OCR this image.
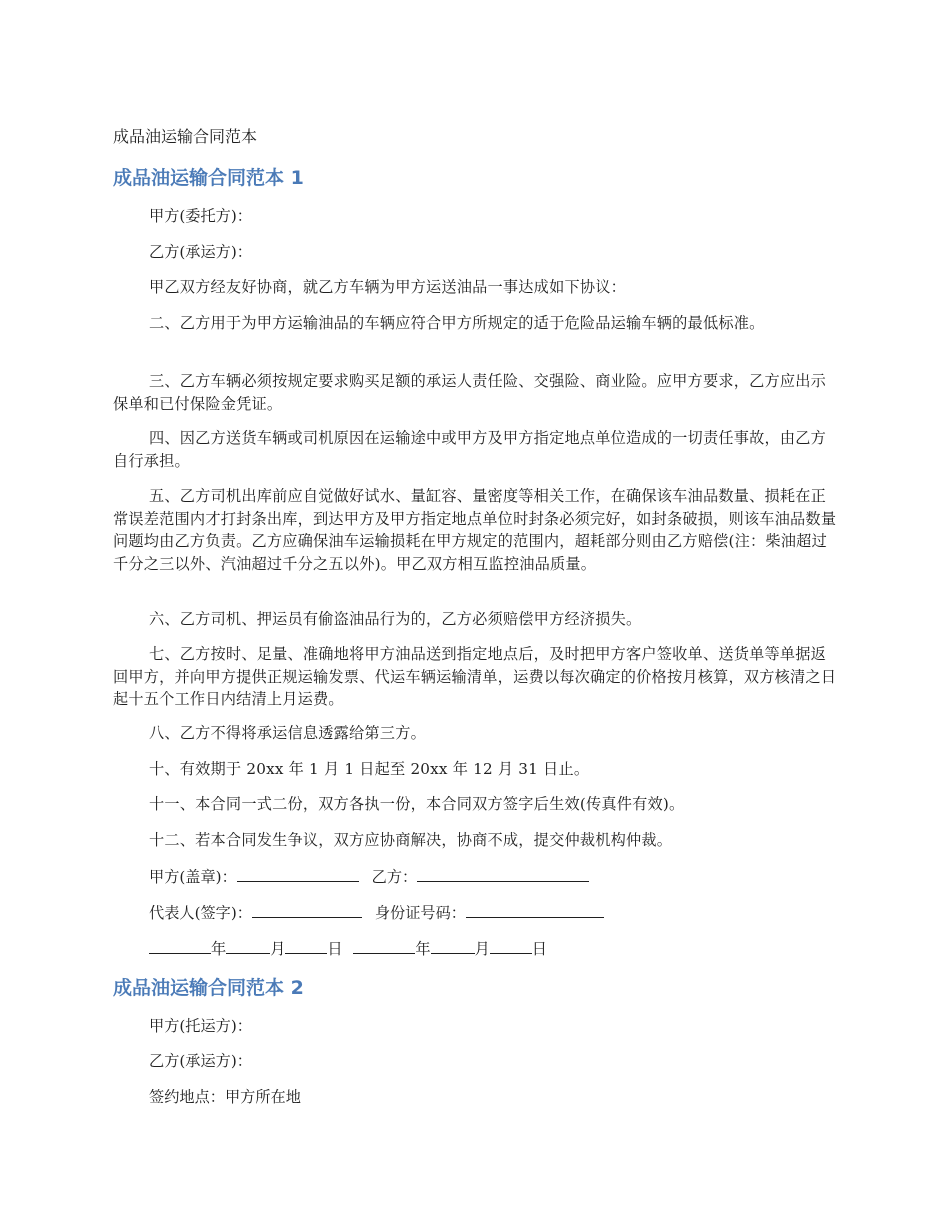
成品油运输合同范本

成品油运输合同范本 1

甲方(委托方)：

乙方(承运方)：

甲乙双方经友好协商，就乙方车辆为甲方运送油品一事达成如下协议：

二、乙方用于为甲方运输油品的车辆应符合甲方所规定的适于危险品运输车辆的最低标准。

三、乙方车辆必须按规定要求购买足额的承运人责任险、交强险、商业险。应甲方要求，乙方应出示保单和已付保险金凭证。

四、因乙方送货车辆或司机原因在运输途中或甲方及甲方指定地点单位造成的一切责任事故，由乙方自行承担。

五、乙方司机出库前应自觉做好试水、量缸容、量密度等相关工作，在确保该车油品数量、损耗在正常误差范围内才打封条出库，到达甲方及甲方指定地点单位时封条必须完好，如封条破损，则该车油品数量问题均由乙方负责。乙方应确保油车运输损耗在甲方规定的范围内，超耗部分则由乙方赔偿(注：柴油超过千分之三以外、汽油超过千分之五以外)。甲乙双方相互监控油品质量。

六、乙方司机、押运员有偷盗油品行为的，乙方必须赔偿甲方经济损失。

七、乙方按时、足量、准确地将甲方油品送到指定地点后，及时把甲方客户签收单、送货单等单据返回甲方，并向甲方提供正规运输发票、代运车辆运输清单，运费以每次确定的价格按月核算，双方核清之日起十五个工作日内结清上月运费。

八、乙方不得将承运信息透露给第三方。

十、有效期于 20xx 年 1 月 1 日起至 20xx 年 12 月 31 日止。

十一、本合同一式二份，双方各执一份，本合同双方签字后生效(传真件有效)。

十二、若本合同发生争议，双方应协商解决，协商不成，提交仲裁机构仲裁。

甲方(盖章)：	乙方：

代表人(签字)：	身份证号码：

年	月	日	年	月	日

成品油运输合同范本 2

甲方(托运方)：

乙方(承运方)：

签约地点：甲方所在地
